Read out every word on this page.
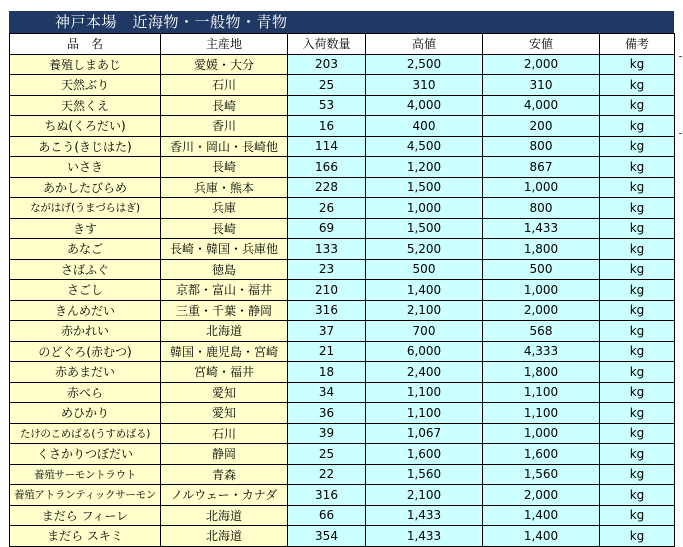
神戸本場　近海物・一般物・青物
品　名	主産地	入荷数量	高値	安値	備考
養殖しまあじ	愛媛・大分	203	2,500	2,000	kg
天然ぶり	石川	25	310	310	kg
天然くえ	長崎	53	4,000	4,000	kg
ちぬ(くろだい)	香川	16	400	200	kg
あこう(きじはた)	香川・岡山・長崎他	114	4,500	800	kg
いさき	長崎	166	1,200	867	kg
あかしたびらめ	兵庫・熊本	228	1,500	1,000	kg
ながはげ(うまづらはぎ)	兵庫	26	1,000	800	kg
きす	長崎	69	1,500	1,433	kg
あなご	長崎・韓国・兵庫他	133	5,200	1,800	kg
さばふぐ	徳島	23	500	500	kg
さごし	京都・富山・福井	210	1,400	1,000	kg
きんめだい	三重・千葉・静岡	316	2,100	2,000	kg
赤かれい	北海道	37	700	568	kg
のどぐろ(赤むつ)	韓国・鹿児島・宮崎	21	6,000	4,333	kg
赤あまだい	宮崎・福井	18	2,400	1,800	kg
赤べら	愛知	34	1,100	1,100	kg
めひかり	愛知	36	1,100	1,100	kg
たけのこめばる(うすめばる)	石川	39	1,067	1,000	kg
くさかりつぼだい	静岡	25	1,600	1,600	kg
養殖サーモントラウト	青森	22	1,560	1,560	kg
養殖アトランティックサーモン	ノルウェー・カナダ	316	2,100	2,000	kg
まだら フィーレ	北海道	66	1,433	1,400	kg
まだら スキミ	北海道	354	1,433	1,400	kg
